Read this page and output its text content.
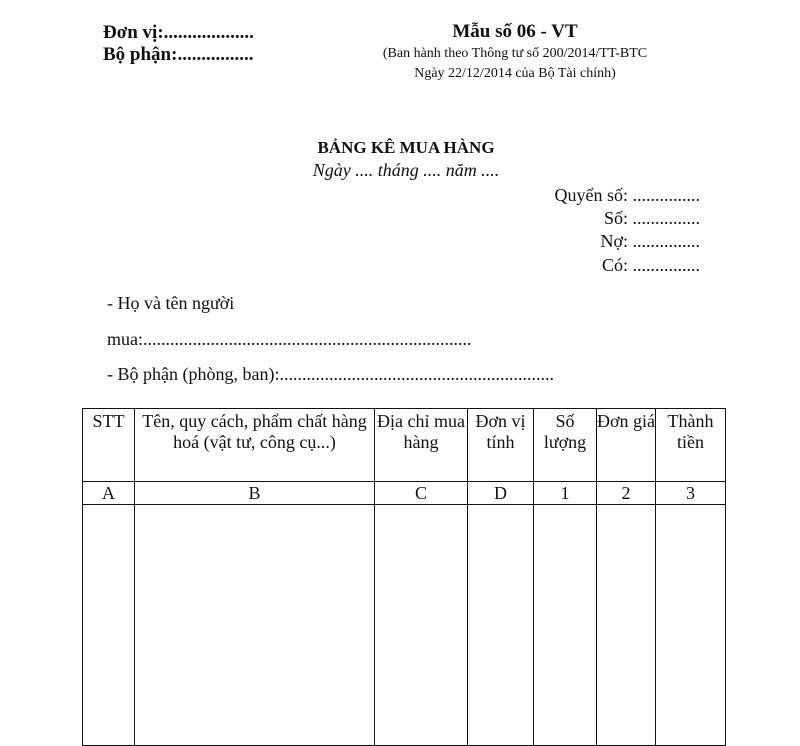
Đơn vị:...................
Bộ phận:................
Mẫu số 06 - VT
(Ban hành theo Thông tư số 200/2014/TT-BTC
Ngày 22/12/2014 của Bộ Tài chính)
BẢNG KÊ MUA HÀNG
Ngày .... tháng .... năm ....
Quyển số: ...............
Số: ...............
Nợ: ...............
Có: ...............
- Họ và tên người
mua:.........................................................................
- Bộ phận (phòng, ban):.............................................................
STT	Tên, quy cách, phẩm chất hàng hoá (vật tư, công cụ...)	Địa chỉ mua hàng	Đơn vị tính	Số lượng	Đơn giá	Thành tiền
A	B	C	D	1	2	3
